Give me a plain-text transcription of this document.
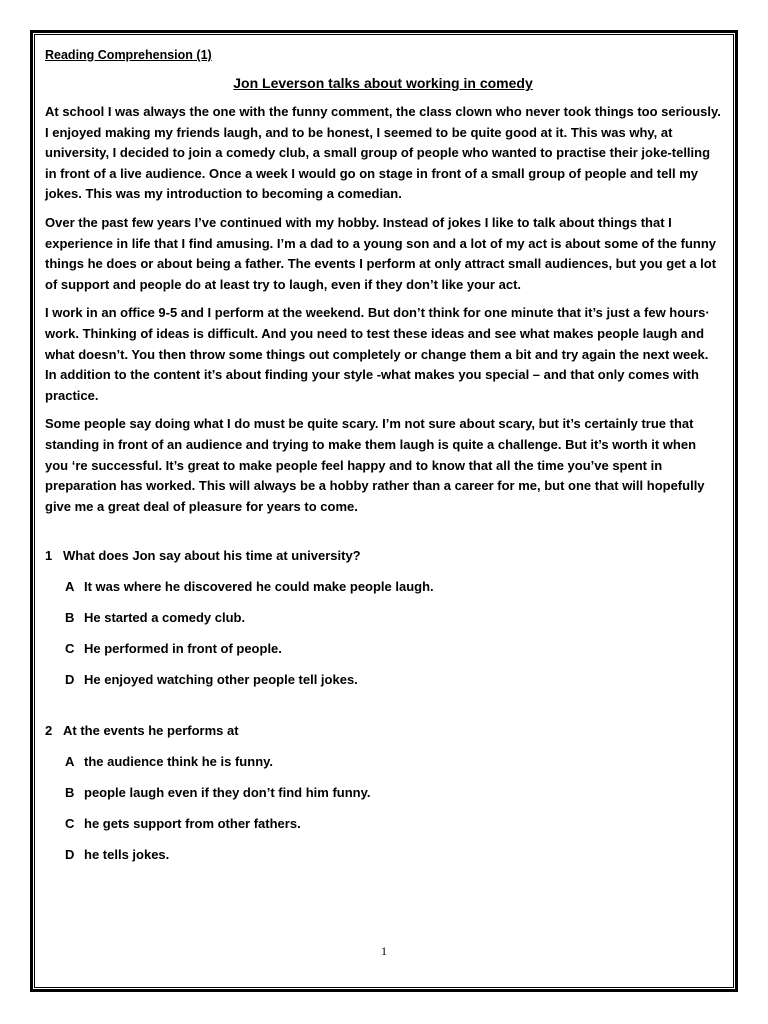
Reading Comprehension (1)
Jon Leverson talks about working in comedy

At school I was always the one with the funny comment, the class clown who never took things too seriously. I enjoyed making my friends laugh, and to be honest, I seemed to be quite good at it. This was why, at university, I decided to join a comedy club, a small group of people who wanted to practise their joke-telling in front of a live audience. Once a week I would go on stage in front of a small group of people and tell my jokes. This was my introduction to becoming a comedian.

Over the past few years I’ve continued with my hobby. Instead of jokes I like to talk about things that I experience in life that I find amusing. I’m a dad to a young son and a lot of my act is about some of the funny things he does or about being a father. The events I perform at only attract small audiences, but you get a lot of support and people do at least try to laugh, even if they don’t like your act.

I work in an office 9-5 and I perform at the weekend. But don’t think for one minute that it’s just a few hours· work. Thinking of ideas is difficult. And you need to test these ideas and see what makes people laugh and what doesn’t. You then throw some things out completely or change them a bit and try again the next week. In addition to the content it’s about finding your style -what makes you special – and that only comes with practice.

Some people say doing what I do must be quite scary. I’m not sure about scary, but it’s certainly true that standing in front of an audience and trying to make them laugh is quite a challenge. But it’s worth it when you ‘re successful. It’s great to make people feel happy and to know that all the time you’ve spent in preparation has worked. This will always be a hobby rather than a career for me, but one that will hopefully give me a great deal of pleasure for years to come.

1 What does Jon say about his time at university?
A It was where he discovered he could make people laugh.
B He started a comedy club.
C He performed in front of people.
D He enjoyed watching other people tell jokes.
2 At the events he performs at
A the audience think he is funny.
B people laugh even if they don’t find him funny.
C he gets support from other fathers.
D he tells jokes.
1
